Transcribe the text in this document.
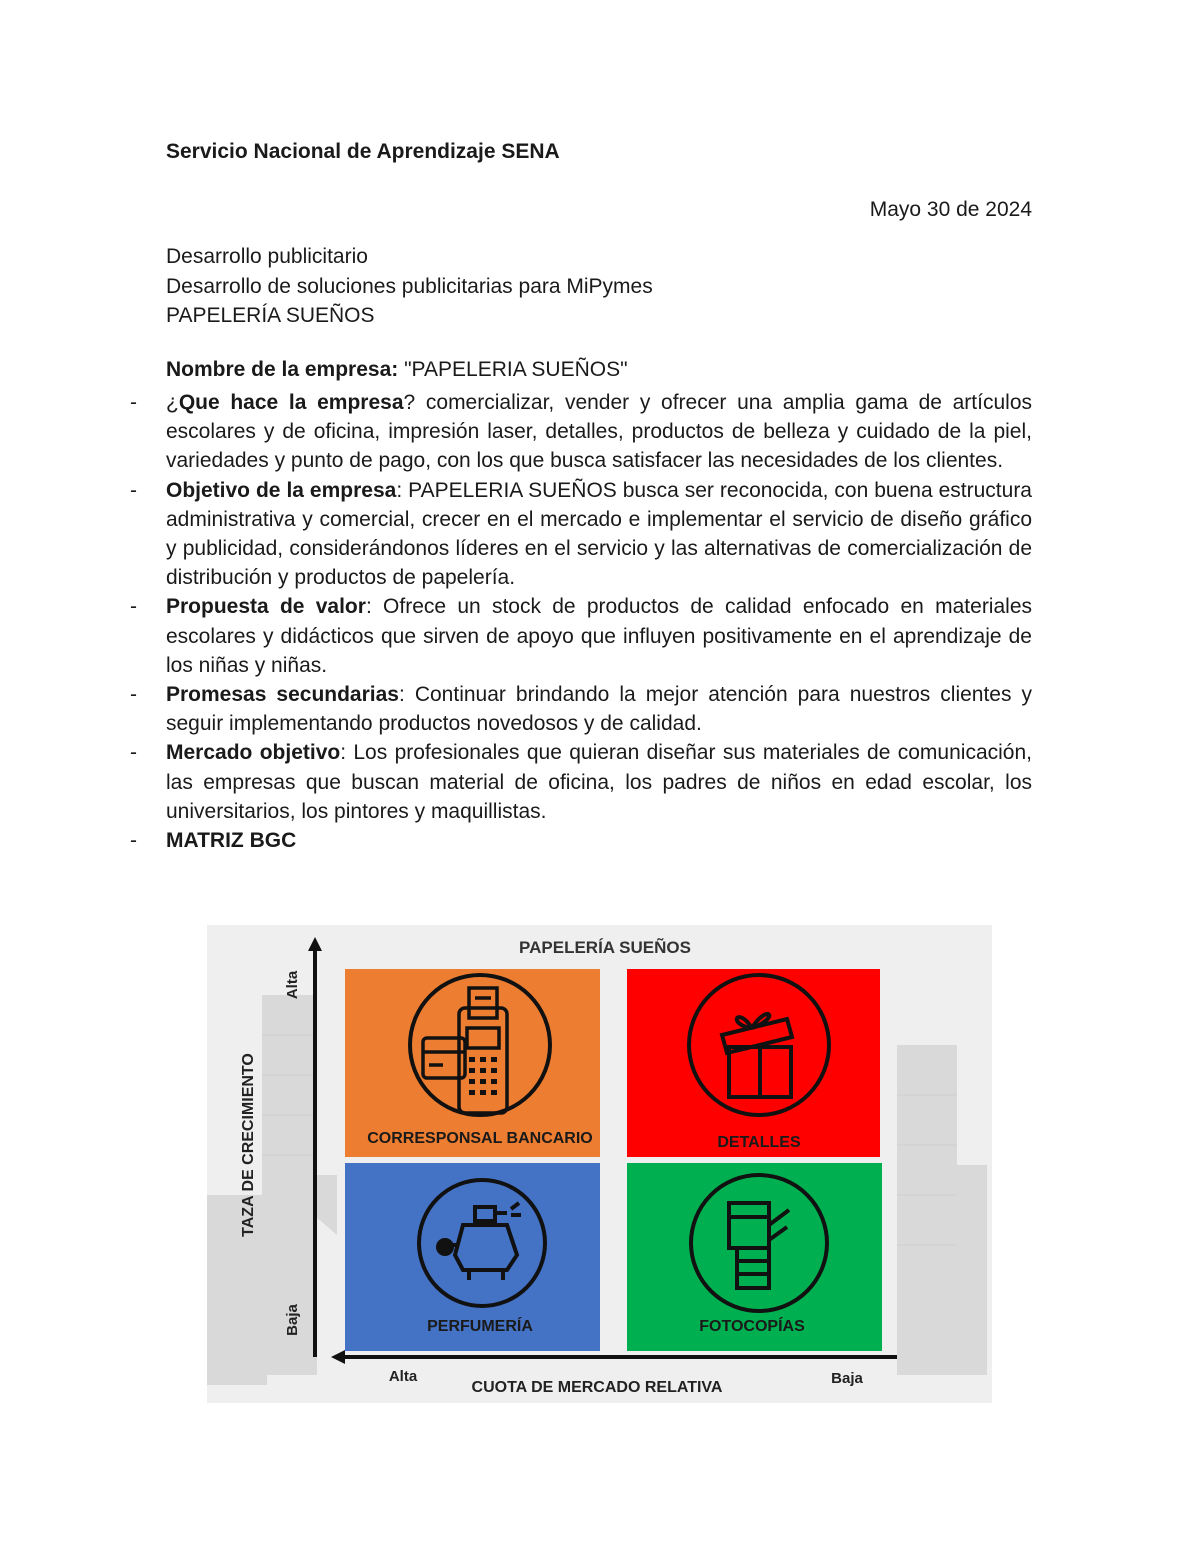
Servicio Nacional de Aprendizaje SENA
Mayo 30 de 2024
Desarrollo publicitario
Desarrollo de soluciones publicitarias para MiPymes
PAPELERÍA SUEÑOS
Nombre de la empresa: "PAPELERIA SUEÑOS"
- ¿Que hace la empresa? comercializar, vender y ofrecer una amplia gama de artículos escolares y de oficina, impresión laser, detalles, productos de belleza y cuidado de la piel, variedades y punto de pago, con los que busca satisfacer las necesidades de los clientes.
- Objetivo de la empresa: PAPELERIA SUEÑOS busca ser reconocida, con buena estructura administrativa y comercial, crecer en el mercado e implementar el servicio de diseño gráfico y publicidad, considerándonos líderes en el servicio y las alternativas de comercialización de distribución y productos de papelería.
- Propuesta de valor: Ofrece un stock de productos de calidad enfocado en materiales escolares y didácticos que sirven de apoyo que influyen positivamente en el aprendizaje de los niñas y niñas.
- Promesas secundarias: Continuar brindando la mejor atención para nuestros clientes y seguir implementando productos novedosos y de calidad.
- Mercado objetivo: Los profesionales que quieran diseñar sus materiales de comunicación, las empresas que buscan material de oficina, los padres de niños en edad escolar, los universitarios, los pintores y maquillistas.
- MATRIZ BGC
PAPELERÍA SUEÑOS
CORRESPONSAL BANCARIO	DETALLES
PERFUMERÍA	FOTOCOPÍAS
TAZA DE CRECIMIENTO
Alta
Baja
CUOTA DE MERCADO RELATIVA
Alta	Baja
